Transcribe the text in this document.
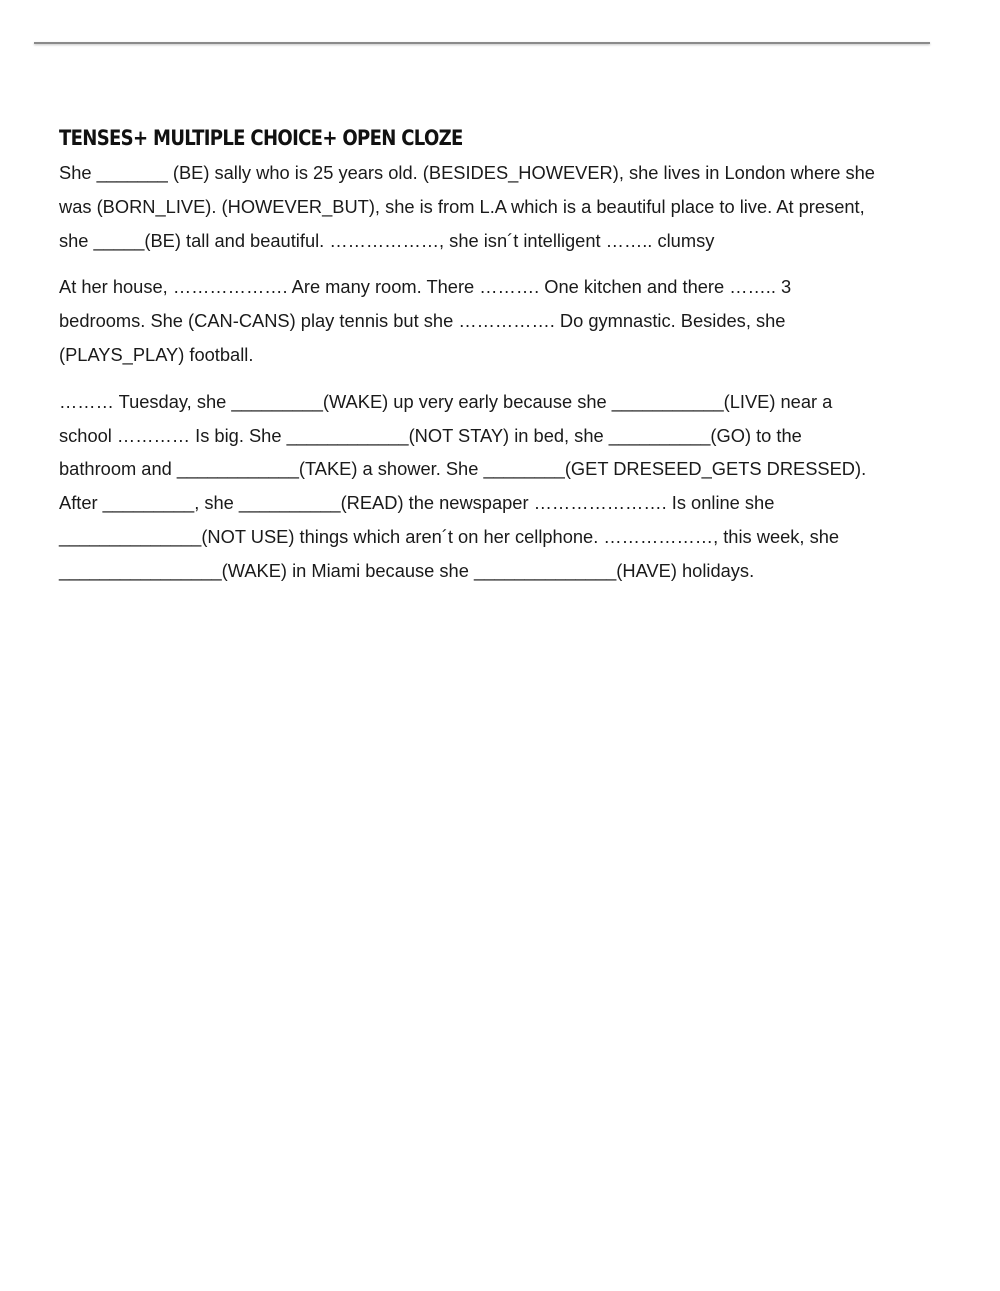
TENSES+ MULTIPLE CHOICE+ OPEN CLOZE

She _______ (BE) sally who is 25 years old. (BESIDES_HOWEVER), she lives in London where she

was (BORN_LIVE). (HOWEVER_BUT), she is from L.A which is a beautiful place to live. At present,

she _____(BE) tall and beautiful. ………………, she isn´t intelligent …….. clumsy

At her house, ………………. Are many room. There ………. One kitchen and there …….. 3

bedrooms. She (CAN-CANS) play tennis but she ……………. Do gymnastic. Besides, she

(PLAYS_PLAY) football.

……… Tuesday, she _________(WAKE) up very early because she ___________(LIVE) near a

school ………… Is big. She ____________(NOT STAY) in bed, she __________(GO) to the

bathroom and ____________(TAKE) a shower. She ________(GET DRESEED_GETS DRESSED).

After _________, she __________(READ) the newspaper …………………. Is online she

______________(NOT USE) things which aren´t on her cellphone. ………………, this week, she

________________(WAKE) in Miami because she ______________(HAVE) holidays.
